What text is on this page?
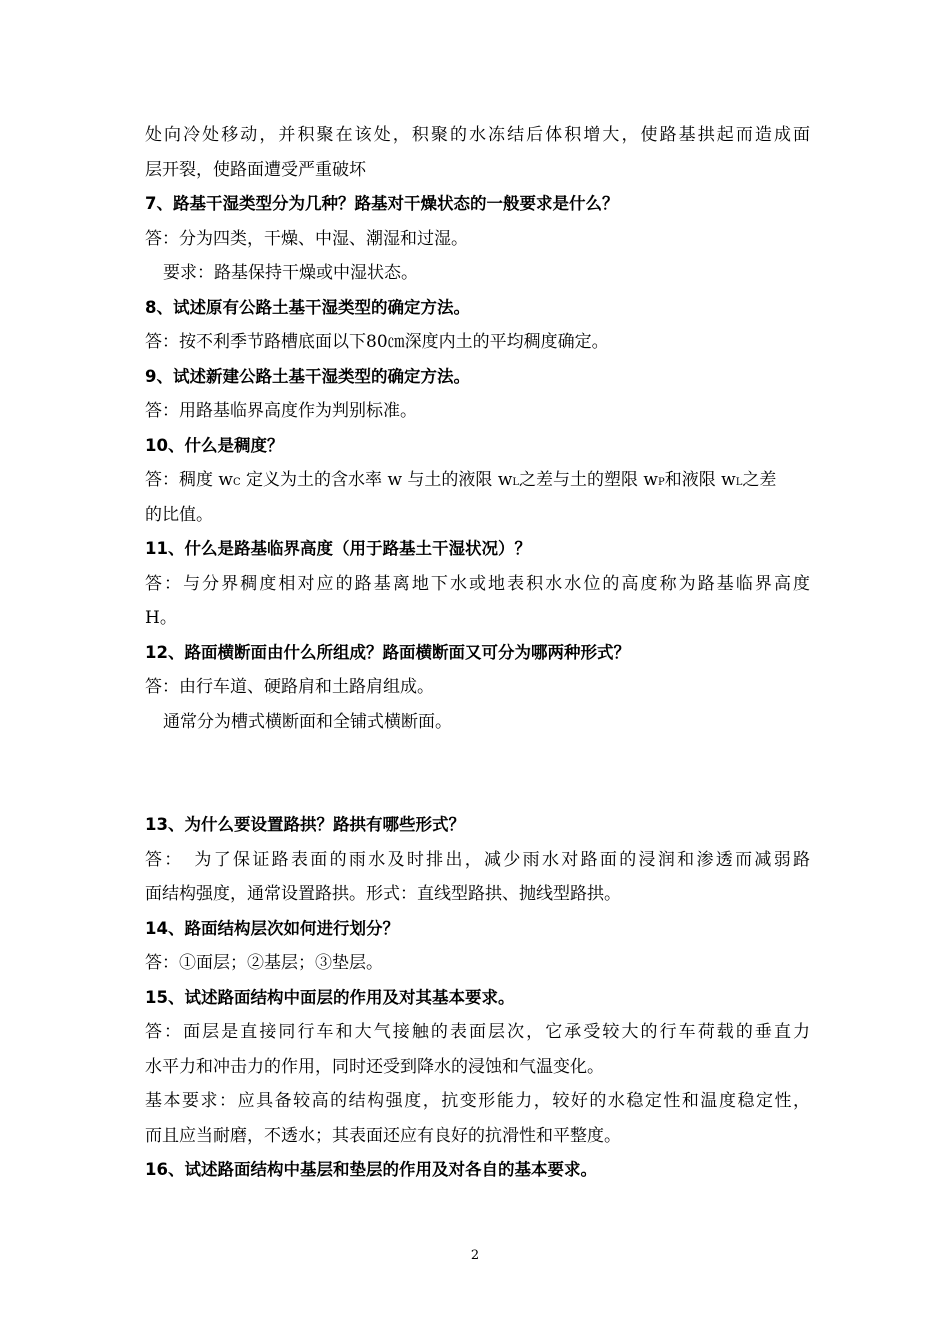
处向冷处移动，并积聚在该处，积聚的水冻结后体积增大，使路基拱起而造成面
层开裂，使路面遭受严重破坏
7、路基干湿类型分为几种？路基对干燥状态的一般要求是什么？
答：分为四类，干燥、中湿、潮湿和过湿。
要求：路基保持干燥或中湿状态。
8、试述原有公路土基干湿类型的确定方法。
答：按不利季节路槽底面以下80㎝深度内土的平均稠度确定。
9、试述新建公路土基干湿类型的确定方法。
答：用路基临界高度作为判别标准。
10、什么是稠度？
答：稠度 wC 定义为土的含水率 w 与土的液限 wL之差与土的塑限 wP和液限 wL之差
的比值。
11、什么是路基临界高度（用于路基土干湿状况）？
答：与分界稠度相对应的路基离地下水或地表积水水位的高度称为路基临界高度
H。
12、路面横断面由什么所组成？路面横断面又可分为哪两种形式？
答：由行车道、硬路肩和土路肩组成。
通常分为槽式横断面和全铺式横断面。
13、为什么要设置路拱？路拱有哪些形式？
答：　为了保证路表面的雨水及时排出，减少雨水对路面的浸润和渗透而减弱路
面结构强度，通常设置路拱。形式：直线型路拱、抛线型路拱。
14、路面结构层次如何进行划分？
答：①面层；②基层；③垫层。
15、试述路面结构中面层的作用及对其基本要求。
答：面层是直接同行车和大气接触的表面层次，它承受较大的行车荷载的垂直力
水平力和冲击力的作用，同时还受到降水的浸蚀和气温变化。
基本要求：应具备较高的结构强度，抗变形能力，较好的水稳定性和温度稳定性，
而且应当耐磨，不透水；其表面还应有良好的抗滑性和平整度。
16、试述路面结构中基层和垫层的作用及对各自的基本要求。
2
